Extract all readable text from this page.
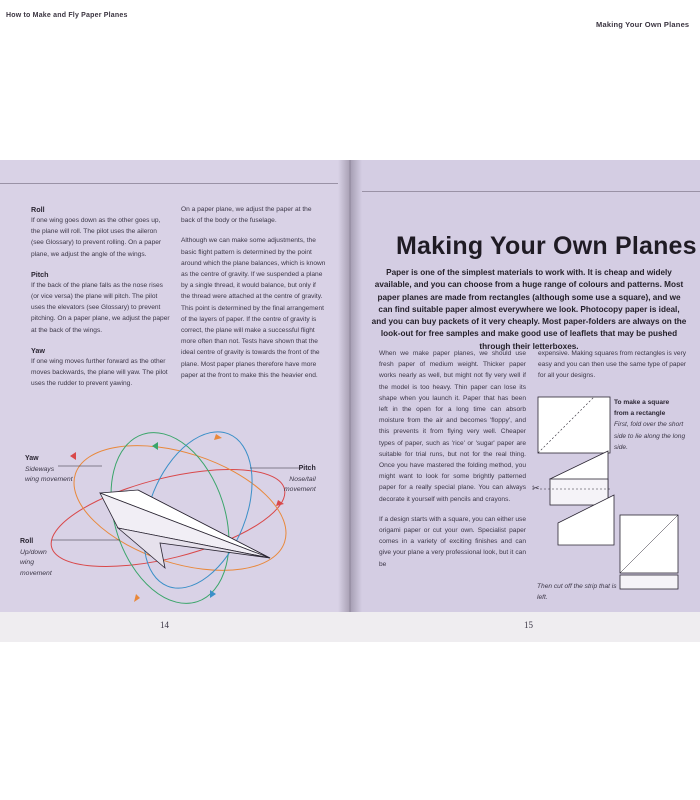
How to Make and Fly Paper Planes
Roll

If one wing goes down as the other goes up, the plane will roll. The pilot uses the aileron (see Glossary) to prevent rolling. On a paper plane, we adjust the angle of the wings.

Pitch

If the back of the plane falls as the nose rises (or vice versa) the plane will pitch. The pilot uses the elevators (see Glossary) to prevent pitching. On a paper plane, we adjust the paper at the back of the wings.

Yaw

If one wing moves further forward as the other moves backwards, the plane will yaw. The pilot uses the rudder to prevent yawing.

On a paper plane, we adjust the paper at the back of the body or the fuselage.

Although we can make some adjustments, the basic flight pattern is determined by the point around which the plane balances, which is known as the centre of gravity. If we suspended a plane by a single thread, it would balance, but only if the thread were attached at the centre of gravity. This point is determined by the final arrangement of the layers of paper. If the centre of gravity is correct, the plane will make a successful flight more often than not. Tests have shown that the ideal centre of gravity is towards the front of the plane. Most paper planes therefore have more paper at the front to make this the heavier end.

Yaw
Sideways
wing movement
Pitch
Nose/tail
movement
Roll
Up/down
wing
movement
14
Making Your Own Planes
Making Your Own Planes
Paper is one of the simplest materials to work with. It is cheap and widely available, and you can choose from a huge range of colours and patterns. Most paper planes are made from rectangles (although some use a square), and we can find suitable paper almost everywhere we look. Photocopy paper is ideal, and you can buy packets of it very cheaply. Most paper-folders are always on the look-out for free samples and make good use of leaflets that may be pushed through their letterboxes.

When we make paper planes, we should use fresh paper of medium weight. Thicker paper works nearly as well, but might not fly very well if the model is too heavy. Thin paper can lose its shape when you launch it. Paper that has been left in the open for a long time can absorb moisture from the air and becomes 'floppy', and this prevents it from flying very well. Cheaper types of paper, such as 'rice' or 'sugar' paper are suitable for trial runs, but not for the real thing. Once you have mastered the folding method, you might want to look for some brightly patterned paper for a really special plane. You can always decorate it yourself with pencils and crayons.

If a design starts with a square, you can either use origami paper or cut your own. Specialist paper comes in a variety of exciting finishes and can give your plane a very professional look, but it can be

expensive. Making squares from rectangles is very easy and you can then use the same type of paper for all your designs.

✂
To make a square
from a rectangle
First, fold over the short side to lie along the long side.
Then cut off the strip that is left.
15
